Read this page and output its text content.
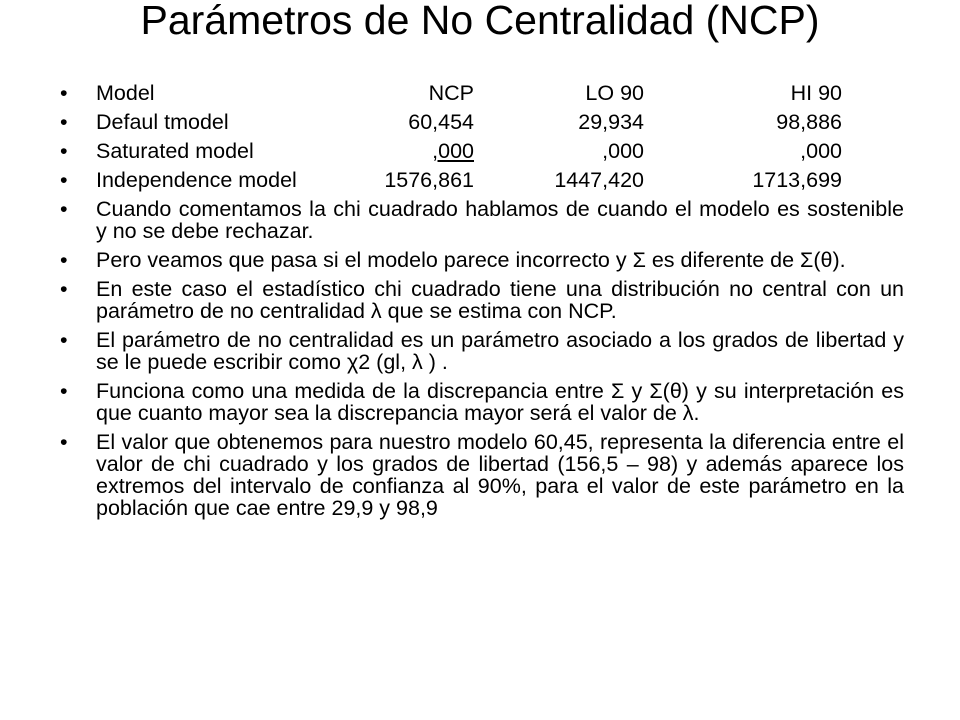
Parámetros de No Centralidad (NCP)
• Model	NCP	LO 90	HI 90
• Defaul tmodel	60,454	29,934	98,886
• Saturated model	,000	,000	,000
• Independence model	1576,861	1447,420	1713,699
• Cuando comentamos la chi cuadrado hablamos de cuando el modelo es sostenible y no se debe rechazar.
• Pero veamos que pasa si el modelo parece incorrecto y Σ es diferente de Σ(θ).
• En este caso el estadístico chi cuadrado tiene una distribución no central con un parámetro de no centralidad λ que se estima con NCP.
• El parámetro de no centralidad es un parámetro asociado a los grados de libertad y se le puede escribir como χ2 (gl, λ ) .
• Funciona como una medida de la discrepancia entre Σ y Σ(θ) y su interpretación es que cuanto mayor sea la discrepancia mayor será el valor de λ.
• El valor que obtenemos para nuestro modelo 60,45, representa la diferencia entre el valor de chi cuadrado y los grados de libertad (156,5 – 98) y además aparece los extremos del intervalo de confianza al 90%, para el valor de este parámetro en la población que cae entre 29,9 y 98,9
